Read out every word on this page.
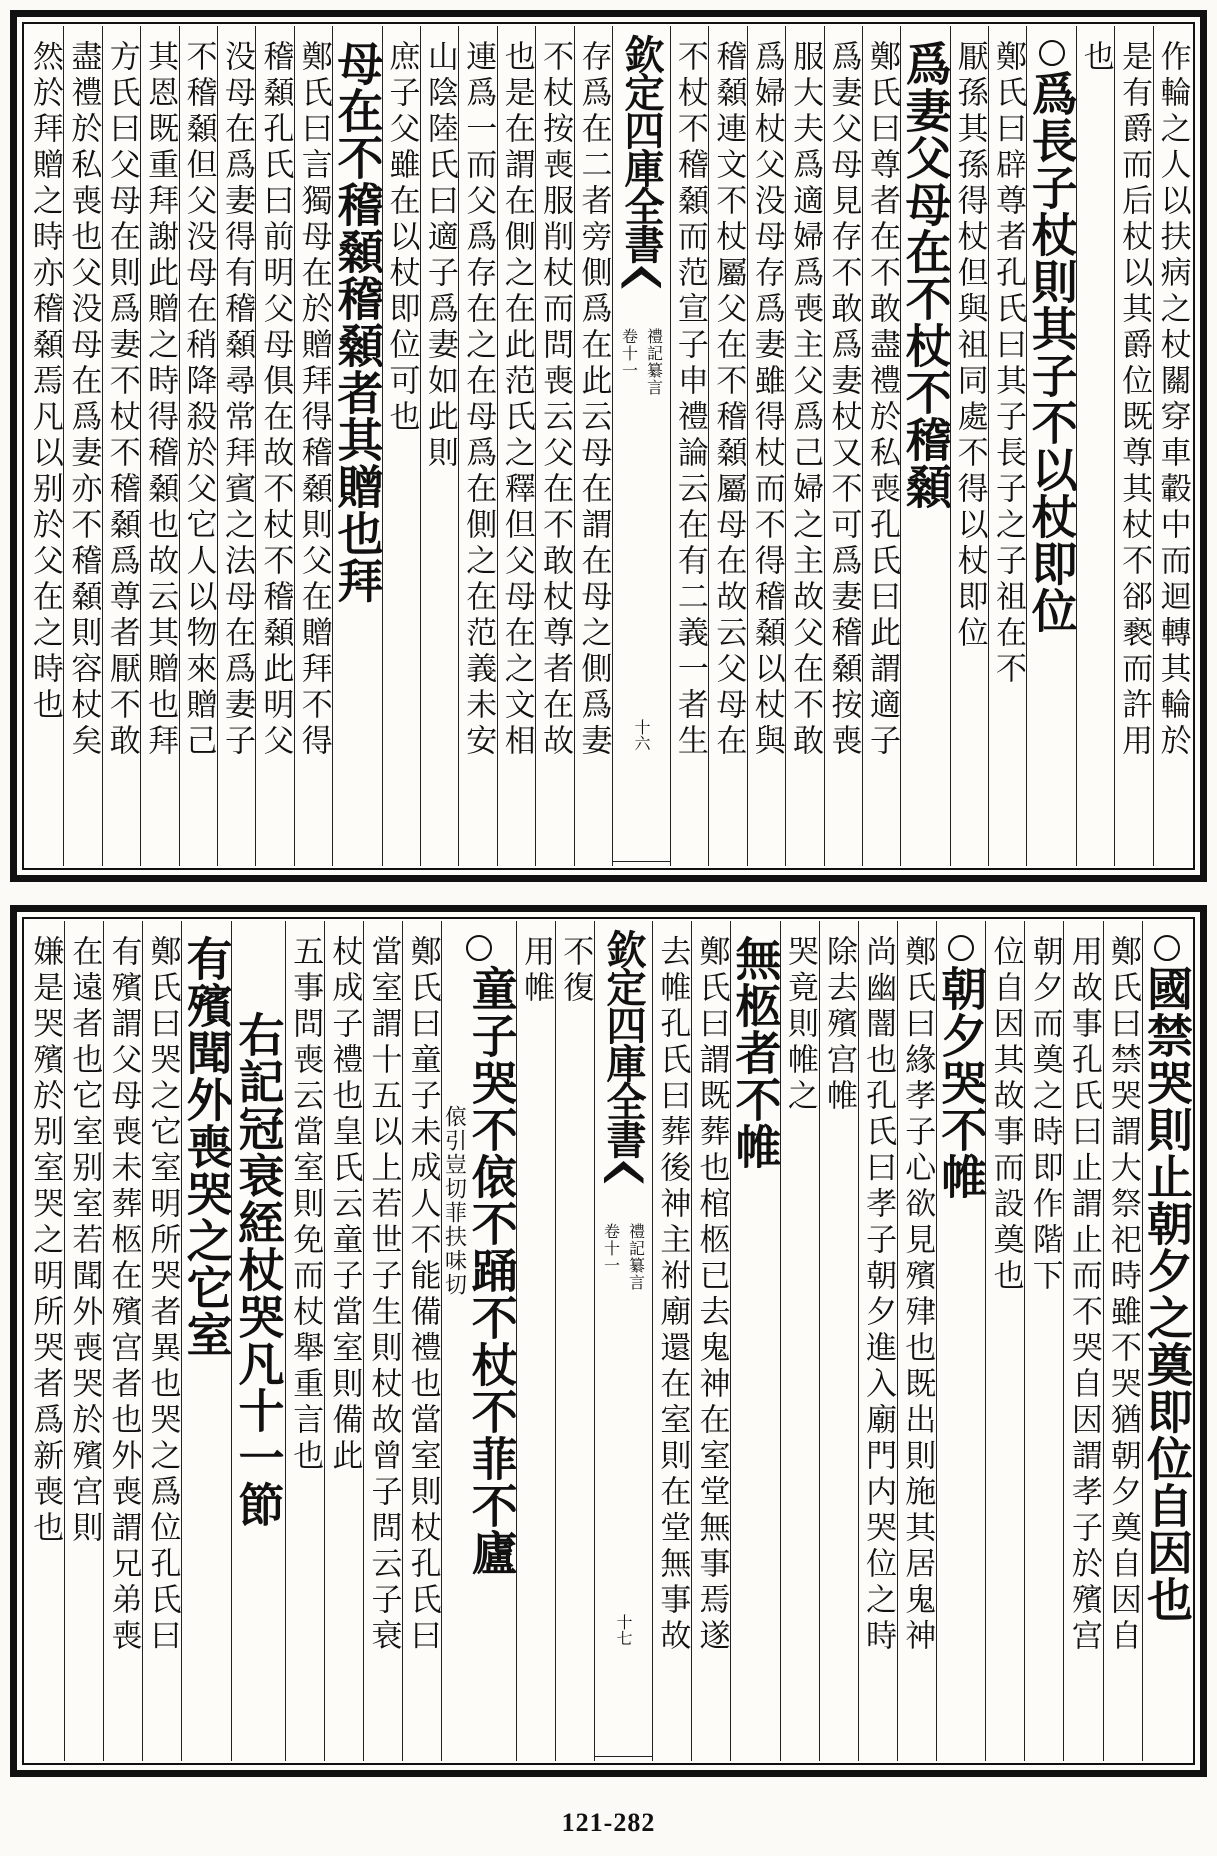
作輪之人以扶病之杖關穿車轂中而迴轉其輪於
是有爵而后杖以其爵位既尊其杖不郤褻而許用
也
爲長子杖則其子不以杖即位
鄭氏曰辟尊者孔氏曰其子長子之子祖在不
厭孫其孫得杖但與祖同處不得以杖即位
爲妻父母在不杖不稽顙
鄭氏曰尊者在不敢盡禮於私喪孔氏曰此謂適子
爲妻父母見存不敢爲妻杖又不可爲妻稽顙按喪
服大夫爲適婦爲喪主父爲己婦之主故父在不敢
爲婦杖父没母存爲妻雖得杖而不得稽顙以杖與
稽顙連文不杖屬父在不稽顙屬母在故云父母在
不杖不稽顙而范宣子申禮論云在有二義一者生
欽定四庫全書
禮記纂言
卷十一
十六
存爲在二者旁側爲在此云母在謂在母之側爲妻
不杖按喪服削杖而問喪云父在不敢杖尊者在故
也是在謂在側之在此范氏之釋但父母在之文相
連爲一而父爲存在之在母爲在側之在范義未安
山陰陸氏曰適子爲妻如此則
庶子父雖在以杖即位可也
母在不稽顙稽顙者其贈也拜
鄭氏曰言獨母在於贈拜得稽顙則父在贈拜不得
稽顙孔氏曰前明父母俱在故不杖不稽顙此明父
没母在爲妻得有稽顙尋常拜賓之法母在爲妻子
不稽顙但父没母在稍降殺於父它人以物來贈己
其恩既重拜謝此贈之時得稽顙也故云其贈也拜
方氏曰父母在則爲妻不杖不稽顙爲尊者厭不敢
盡禮於私喪也父没母在爲妻亦不稽顙則容杖矣
然於拜贈之時亦稽顙焉凡以别於父在之時也
國禁哭則止朝夕之奠即位自因也
鄭氏曰禁哭謂大祭祀時雖不哭猶朝夕奠自因自
用故事孔氏曰止謂止而不哭自因謂孝子於殯宫
朝夕而奠之時即作階下
位自因其故事而設奠也
朝夕哭不帷
鄭氏曰緣孝子心欲見殯肂也既出則施其居鬼神
尚幽闇也孔氏曰孝子朝夕進入廟門内哭位之時
除去殯宫帷
哭竟則帷之
無柩者不帷
鄭氏曰謂既葬也棺柩已去鬼神在室堂無事焉遂
去帷孔氏曰葬後神主祔廟還在室則在堂無事故
欽定四庫全書
禮記纂言
卷十一
十七
不復
用帷
童子哭不偯不踊不杖不菲不廬
偯引豈切菲扶味切
鄭氏曰童子未成人不能備禮也當室則杖孔氏曰
當室謂十五以上若世子生則杖故曾子問云子衰
杖成子禮也皇氏云童子當室則備此
五事問喪云當室則免而杖舉重言也
右記冠衰絰杖哭凡十一節
有殯聞外喪哭之它室
鄭氏曰哭之它室明所哭者異也哭之爲位孔氏曰
有殯謂父母喪未葬柩在殯宫者也外喪謂兄弟喪
在遠者也它室别室若聞外喪哭於殯宫則
嫌是哭殯於别室哭之明所哭者爲新喪也
121-282
